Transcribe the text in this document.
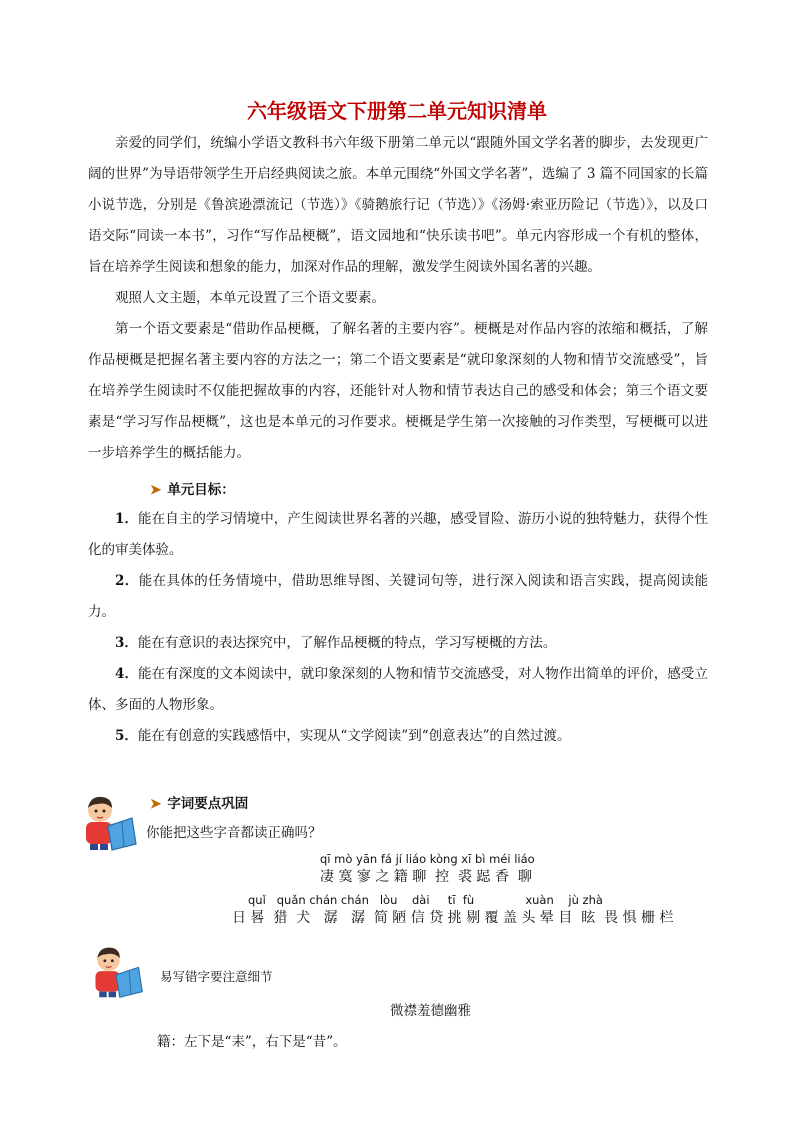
六年级语文下册第二单元知识清单

亲爱的同学们，统编小学语文教科书六年级下册第二单元以“跟随外国文学名著的脚步，去发现更广阔的世界”为导语带领学生开启经典阅读之旅。本单元围绕“外国文学名著”，选编了 3 篇不同国家的长篇小说节选，分别是《鲁滨逊漂流记（节选）》《骑鹅旅行记（节选）》《汤姆·索亚历险记（节选）》，以及口语交际“同读一本书”，习作“写作品梗概”，语文园地和“快乐读书吧”。单元内容形成一个有机的整体，旨在培养学生阅读和想象的能力，加深对作品的理解，激发学生阅读外国名著的兴趣。

观照人文主题，本单元设置了三个语文要素。

第一个语文要素是“借助作品梗概，了解名著的主要内容”。梗概是对作品内容的浓缩和概括，了解作品梗概是把握名著主要内容的方法之一；第二个语文要素是“就印象深刻的人物和情节交流感受”，旨在培养学生阅读时不仅能把握故事的内容，还能针对人物和情节表达自己的感受和体会；第三个语文要素是“学习写作品梗概”，这也是本单元的习作要求。梗概是学生第一次接触的习作类型，写梗概可以进一步培养学生的概括能力。

➤ 单元目标：

1．能在自主的学习情境中，产生阅读世界名著的兴趣，感受冒险、游历小说的独特魅力，获得个性化的审美体验。

2．能在具体的任务情境中，借助思维导图、关键词句等，进行深入阅读和语言实践，提高阅读能力。

3．能在有意识的表达探究中，了解作品梗概的特点，学习写梗概的方法。

4．能在有深度的文本阅读中，就印象深刻的人物和情节交流感受，对人物作出简单的评价，感受立体、多面的人物形象。

5．能在有创意的实践感悟中，实现从“文学阅读”到“创意表达”的自然过渡。

➤ 字词要点巩固
你能把这些字音都读正确吗？
qī mò yān fá jí liáo kòng xī bì méi liáo
凄 寞 寥 之 籍 聊  控  裘 跽 香  聊
quǐ   quǎn chán chán   lòu    dài     tī  fù              xuàn    jù zhà
日 晷  猎  犬   潺   潺  简 陋 信 贷 挑 剔 覆 盖 头 晕 目  眩  畏 惧 栅 栏
易写错字要注意细节
微襟羞德幽雅
籍：左下是“耒”，右下是“昔”。
